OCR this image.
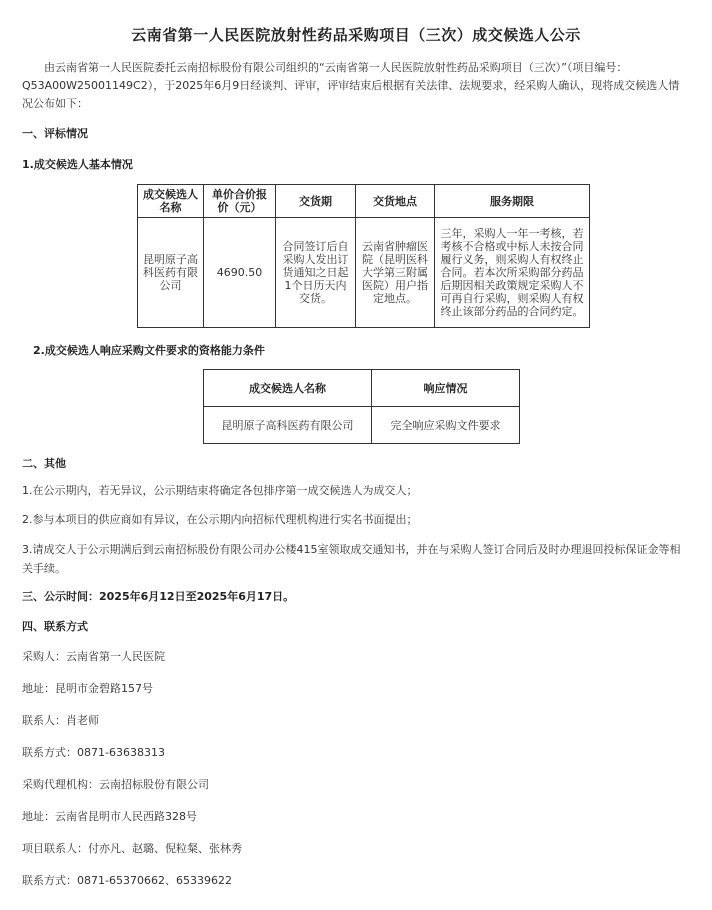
云南省第一人民医院放射性药品采购项目（三次）成交候选人公示
由云南省第一人民医院委托云南招标股份有限公司组织的“云南省第一人民医院放射性药品采购项目（三次）”（项目编号：Q53A00W25001149C2），于2025年6月9日经谈判、评审，评审结束后根据有关法律、法规要求，经采购人确认，现将成交候选人情况公布如下：
一、评标情况
1.成交候选人基本情况
成交候选人名称	单价合价报价（元）	交货期	交货地点	服务期限
昆明原子高科医药有限公司	4690.50	合同签订后自采购人发出订货通知之日起1个日历天内交货。	云南省肿瘤医院（昆明医科大学第三附属医院）用户指定地点。	三年，采购人一年一考核，若考核不合格或中标人未按合同履行义务，则采购人有权终止合同。若本次所采购部分药品后期因相关政策规定采购人不可再自行采购，则采购人有权终止该部分药品的合同约定。
2.成交候选人响应采购文件要求的资格能力条件
成交候选人名称	响应情况
昆明原子高科医药有限公司	完全响应采购文件要求
二、其他
1.在公示期内，若无异议，公示期结束将确定各包排序第一成交候选人为成交人；
2.参与本项目的供应商如有异议，在公示期内向招标代理机构进行实名书面提出；
3.请成交人于公示期满后到云南招标股份有限公司办公楼415室领取成交通知书，并在与采购人签订合同后及时办理退回投标保证金等相关手续。
三、公示时间：2025年6月12日至2025年6月17日。
四、联系方式
采购人：云南省第一人民医院
地址：昆明市金碧路157号
联系人：肖老师
联系方式：0871-63638313
采购代理机构：云南招标股份有限公司
地址：云南省昆明市人民西路328号
项目联系人：付亦凡、赵璐、倪粒粲、张林秀
联系方式：0871-65370662、65339622
